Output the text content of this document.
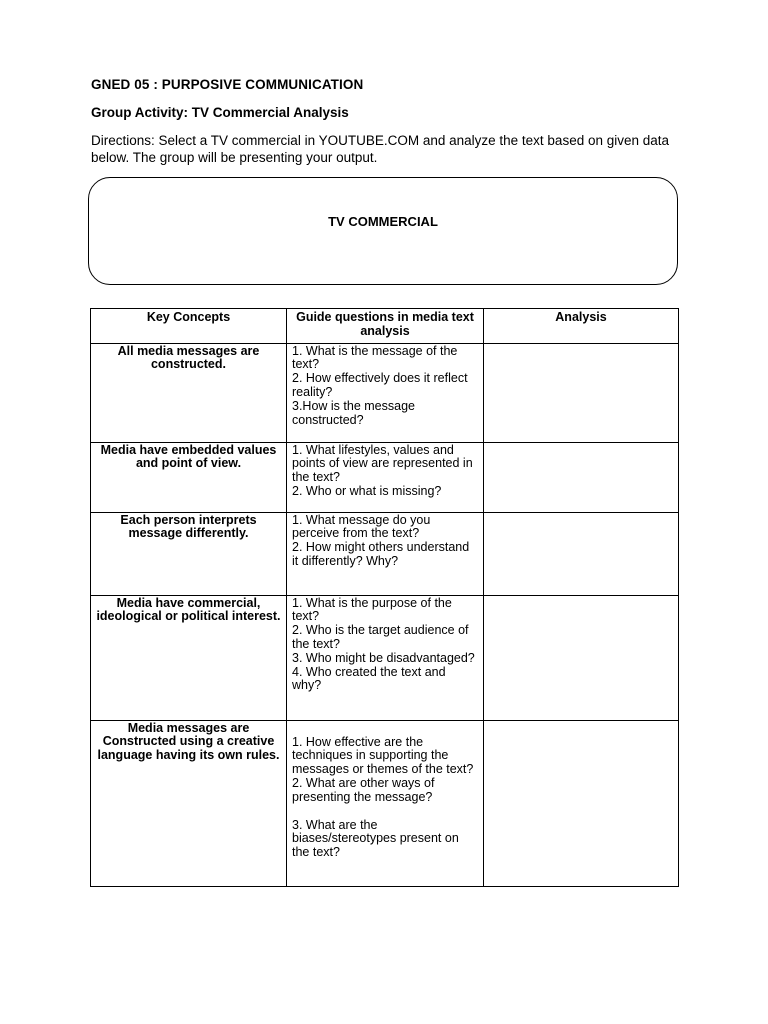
GNED 05 : PURPOSIVE COMMUNICATION
Group Activity: TV Commercial Analysis
Directions: Select a TV commercial in YOUTUBE.COM and analyze the text based on given data below. The group will be presenting your output.
TV COMMERCIAL
Key Concepts	Guide questions in media text analysis	Analysis
All media messages are constructed.	1. What is the message of the text?
2. How effectively does it reflect reality?
3.How is the message constructed?	

Media have embedded values and point of view.	1. What lifestyles, values and points of view are represented in the text?
2. Who or what is missing?	

Each person interprets message differently.	1. What message do you perceive from the text?
2. How might others understand it differently? Why?	

Media have commercial, ideological or political interest.	1. What is the purpose of the text?
2. Who is the target audience of the text?
3. Who might be disadvantaged?
4. Who created the text and why?	

Media messages are Constructed using a creative language having its own rules.	1. How effective are the techniques in supporting the messages or themes of the text?
2. What are other ways of presenting the message?
3. What are the biases/stereotypes present on the text?	
